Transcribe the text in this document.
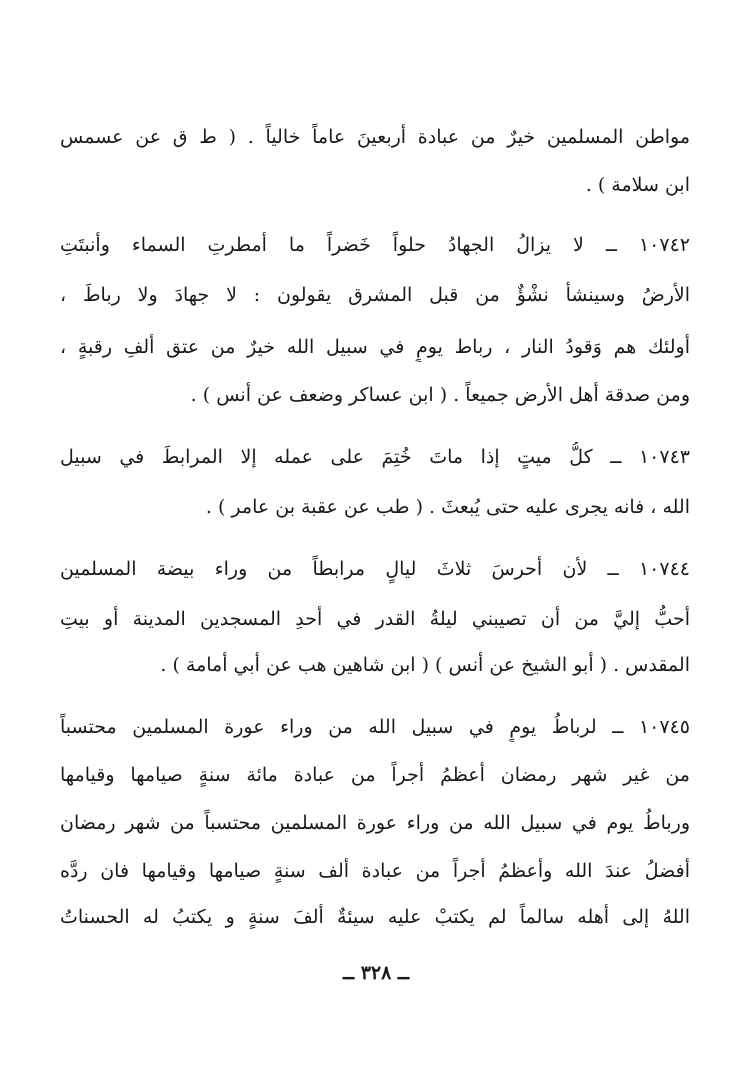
مواطن المسلمين خيرٌ من عبادة أربعينَ عاماً خالياً . ( ط ق عن عسمس
ابن سلامة ) .
١٠٧٤٢ ــ لا يزالُ الجهادُ حلواً خَضراً ما أمطرتِ السماء وأنبتَتِ
الأرضُ وسينشأ نشْؤٌ من قبل المشرق يقولون : لا جهادَ ولا رباطَ ،
أولئك هم وَقودُ النار ، رباط يومٍ في سبيل الله خيرٌ من عتق ألفِ رقبةٍ ،
ومن صدقة أهل الأرض جميعاً . ( ابن عساكر وضعف عن أنس ) .
١٠٧٤٣ ــ كلُّ ميتٍ إذا ماتَ خُتِمَ على عمله إلا المرابطَ في سبيل
الله ، فانه يجرى عليه حتى يُبعثَ . ( طب عن عقبة بن عامر ) .
١٠٧٤٤ ــ لأن أحرسَ ثلاثَ ليالٍ مرابطاً من وراء بيضة المسلمين
أحبُّ إليَّ من أن تصيبني ليلةُ القدر في أحدِ المسجدين المدينة أو بيتِ
المقدس . ( أبو الشيخ عن أنس ) ( ابن شاهين هب عن أبي أمامة ) .
١٠٧٤٥ ــ لرباطُ يومٍ في سبيل الله من وراء عورة المسلمين محتسباً
من غير شهر رمضان أعظمُ أجراً من عبادة مائة سنةٍ صيامها وقيامها
ورباطُ يوم في سبيل الله من وراء عورة المسلمين محتسباً من شهر رمضان
أفضلُ عندَ الله وأعظمُ أجراً من عبادة ألف سنةٍ صيامها وقيامها فان ردَّه
اللهُ إلى أهله سالماً لم يكتبْ عليه سيئةٌ ألفَ سنةٍ و يكتبُ له الحسناتُ
ــ ٣٢٨ ــ
